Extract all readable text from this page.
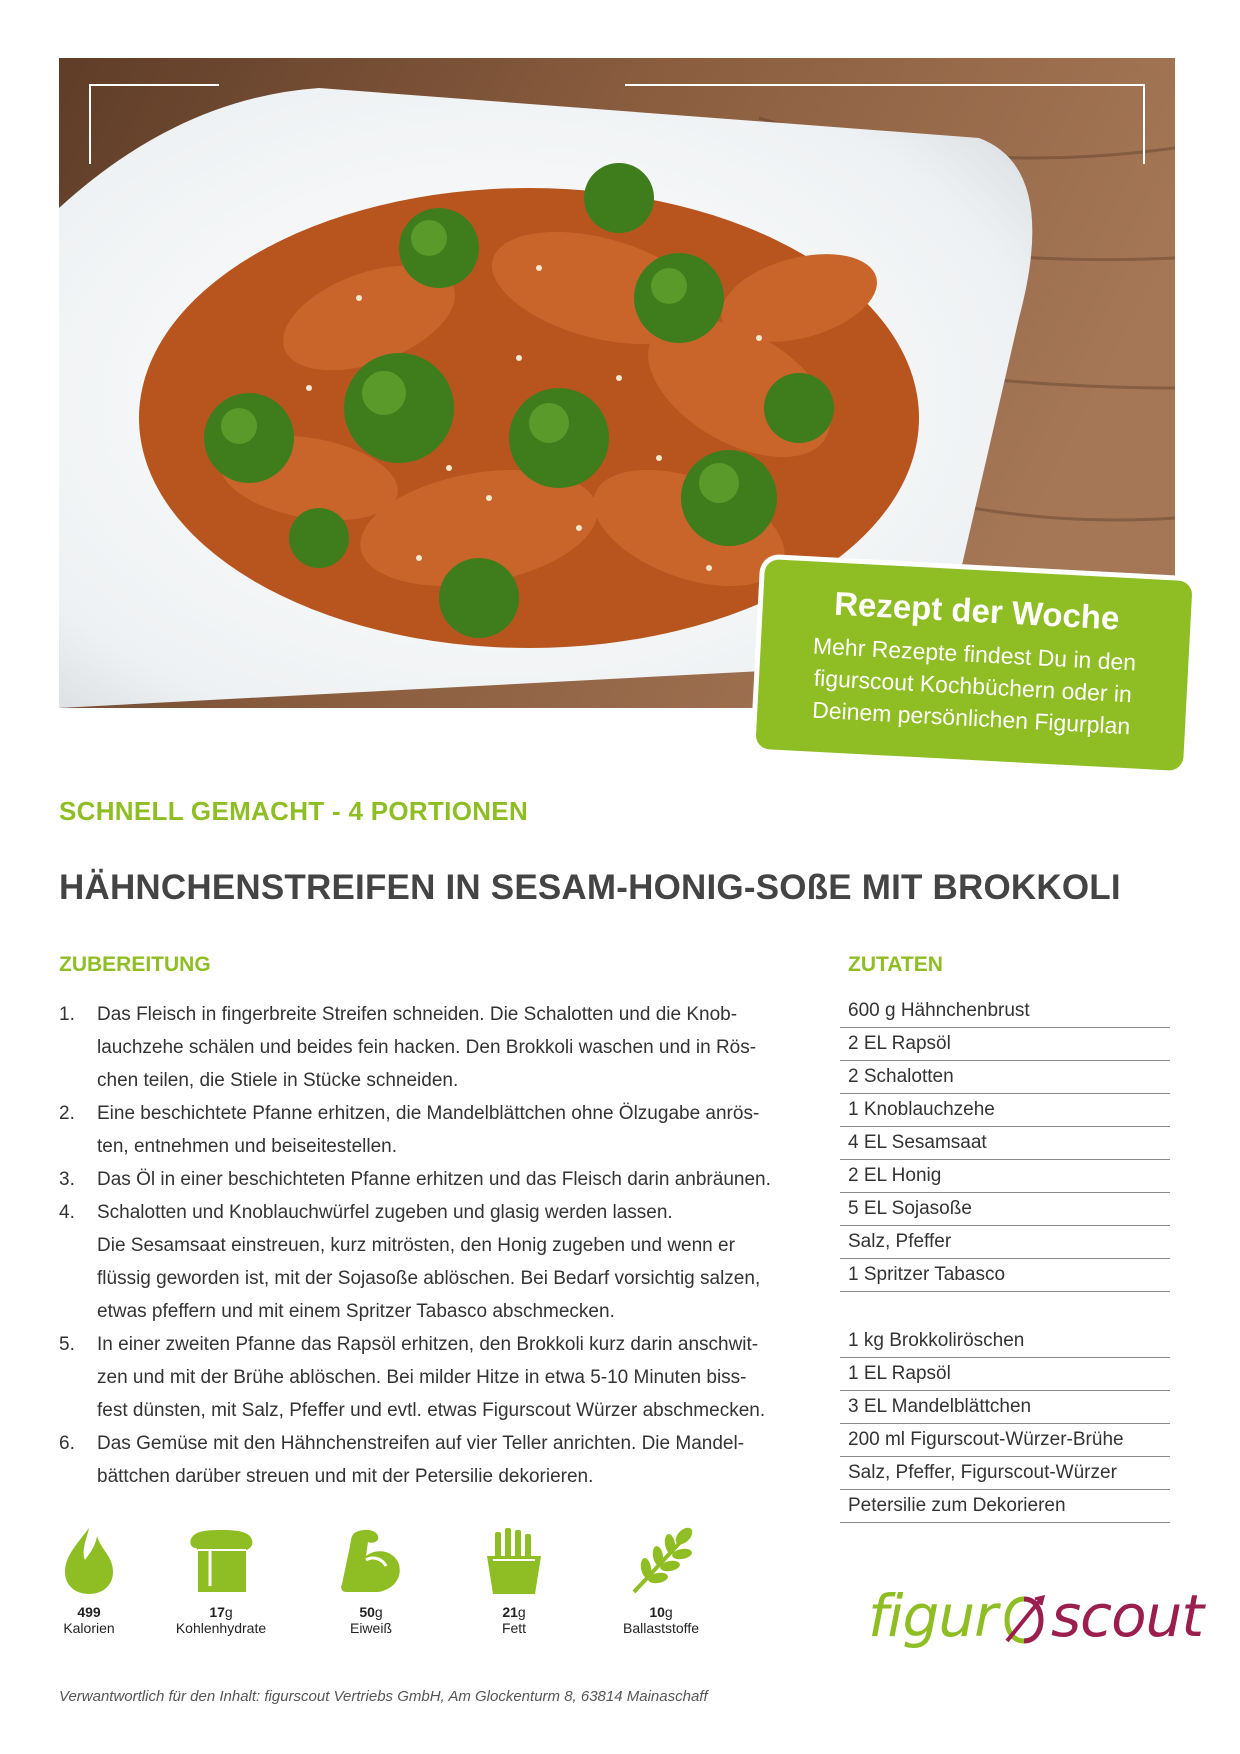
Rezept der Woche
Mehr Rezepte findest Du in den figurscout Kochbüchern oder in Deinem persönlichen Figurplan
SCHNELL GEMACHT - 4 PORTIONEN
HÄHNCHENSTREIFEN IN SESAM-HONIG-SOßE MIT BROKKOLI
ZUBEREITUNG	ZUTATEN
1.	Das Fleisch in fingerbreite Streifen schneiden. Die Schalotten und die Knob-

lauchzehe schälen und beides fein hacken. Den Brokkoli waschen und in Rös-

chen teilen, die Stiele in Stücke schneiden.

2.	Eine beschichtete Pfanne erhitzen, die Mandelblättchen ohne Ölzugabe anrös-

ten, entnehmen und beiseitestellen.

3.	Das Öl in einer beschichteten Pfanne erhitzen und das Fleisch darin anbräunen.

4.	Schalotten und Knoblauchwürfel zugeben und glasig werden lassen.

Die Sesamsaat einstreuen, kurz mitrösten, den Honig zugeben und wenn er

flüssig geworden ist, mit der Sojasoße ablöschen. Bei Bedarf vorsichtig salzen,

etwas pfeffern und mit einem Spritzer Tabasco abschmecken.

5.	In einer zweiten Pfanne das Rapsöl erhitzen, den Brokkoli kurz darin anschwit-

zen und mit der Brühe ablöschen. Bei milder Hitze in etwa 5-10 Minuten biss-

fest dünsten, mit Salz, Pfeffer und evtl. etwas Figurscout Würzer abschmecken.

6.	Das Gemüse mit den Hähnchenstreifen auf vier Teller anrichten. Die Mandel-

bättchen darüber streuen und mit der Petersilie dekorieren.

600 g Hähnchenbrust
2 EL Rapsöl
2 Schalotten
1 Knoblauchzehe
4 EL Sesamsaat
2 EL Honig
5 EL Sojasoße
Salz, Pfeffer
1 Spritzer Tabasco
1 kg Brokkoliröschen
1 EL Rapsöl
3 EL Mandelblättchen
200 ml Figurscout-Würzer-Brühe
Salz, Pfeffer, Figurscout-Würzer
Petersilie zum Dekorieren
499
Kalorien
17g
Kohlenhydrate
50g
Eiweiß
21g
Fett
10g
Ballaststoffe	figur scout
Verwantwortlich für den Inhalt: figurscout Vertriebs GmbH, Am Glockenturm 8, 63814 Mainaschaff
